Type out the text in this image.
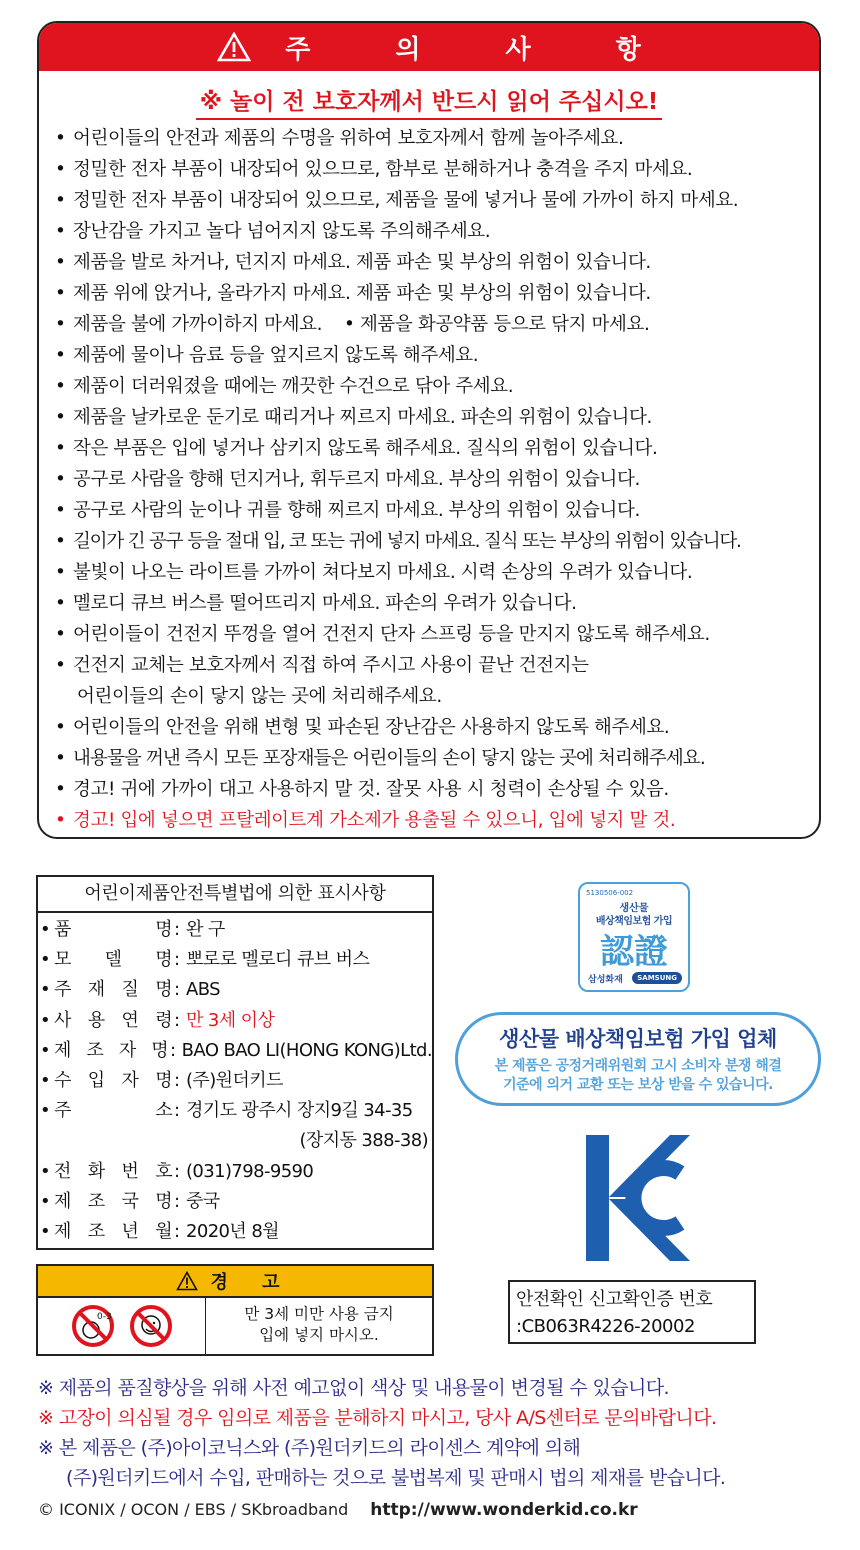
주 의 사 항
※ 놀이 전 보호자께서 반드시 읽어 주십시오!
• 어린이들의 안전과 제품의 수명을 위하여 보호자께서 함께 놀아주세요.
• 정밀한 전자 부품이 내장되어 있으므로, 함부로 분해하거나 충격을 주지 마세요.
• 정밀한 전자 부품이 내장되어 있으므로, 제품을 물에 넣거나 물에 가까이 하지 마세요.
• 장난감을 가지고 놀다 넘어지지 않도록 주의해주세요.
• 제품을 발로 차거나, 던지지 마세요. 제품 파손 및 부상의 위험이 있습니다.
• 제품 위에 앉거나, 올라가지 마세요. 제품 파손 및 부상의 위험이 있습니다.
• 제품을 불에 가까이하지 마세요.    • 제품을 화공약품 등으로 닦지 마세요.
• 제품에 물이나 음료 등을 엎지르지 않도록 해주세요.
• 제품이 더러워졌을 때에는 깨끗한 수건으로 닦아 주세요.
• 제품을 날카로운 둔기로 때리거나 찌르지 마세요. 파손의 위험이 있습니다.
• 작은 부품은 입에 넣거나 삼키지 않도록 해주세요. 질식의 위험이 있습니다.
• 공구로 사람을 향해 던지거나, 휘두르지 마세요. 부상의 위험이 있습니다.
• 공구로 사람의 눈이나 귀를 향해 찌르지 마세요. 부상의 위험이 있습니다.
• 길이가 긴 공구 등을 절대 입, 코 또는 귀에 넣지 마세요. 질식 또는 부상의 위험이 있습니다.
• 불빛이 나오는 라이트를 가까이 쳐다보지 마세요. 시력 손상의 우려가 있습니다.
• 멜로디 큐브 버스를 떨어뜨리지 마세요. 파손의 우려가 있습니다.
• 어린이들이 건전지 뚜껑을 열어 건전지 단자 스프링 등을 만지지 않도록 해주세요.
• 건전지 교체는 보호자께서 직접 하여 주시고 사용이 끝난 건전지는
어린이들의 손이 닿지 않는 곳에 처리해주세요.
• 어린이들의 안전을 위해 변형 및 파손된 장난감은 사용하지 않도록 해주세요.
• 내용물을 꺼낸 즉시 모든 포장재들은 어린이들의 손이 닿지 않는 곳에 처리해주세요.
• 경고! 귀에 가까이 대고 사용하지 말 것. 잘못 사용 시 청력이 손상될 수 있음.
• 경고! 입에 넣으면 프탈레이트계 가소제가 용출될 수 있으니, 입에 넣지 말 것.
어린이제품안전특별법에 의한 표시사항
• 품	명 : 완 구
• 모 델 명 : 뽀로로 멜로디 큐브 버스
• 주 재 질 명 : ABS
• 사 용 연 령 : 만 3세 이상
• 제 조 자 명 : BAO BAO LI(HONG KONG)Ltd.
• 수 입 자 명 : (주)원더키드
• 주	소 : 경기도 광주시 장지9길 34-35
(장지동 388-38)
• 전 화 번 호 : (031)798-9590
• 제 조 국 명 : 중국
• 제 조 년 월 : 2020년 8월
경 고
0-3	만 3세 미만 사용 금지
입에 넣지 마시오.
5130506-002
생산물
배상책임보험 가입
認證
삼성화재	SAMSUNG
생산물 배상책임보험 가입 업체
본 제품은 공정거래위원회 고시 소비자 분쟁 해결
기준에 의거 교환 또는 보상 받을 수 있습니다.
안전확인 신고확인증 번호
:CB063R4226-20002

※ 제품의 품질향상을 위해 사전 예고없이 색상 및 내용물이 변경될 수 있습니다.

※ 고장이 의심될 경우 임의로 제품을 분해하지 마시고, 당사 A/S센터로 문의바랍니다.

※ 본 제품은 (주)아이코닉스와 (주)원더키드의 라이센스 계약에 의해

(주)원더키드에서 수입, 판매하는 것으로 불법복제 및 판매시 법의 제재를 받습니다.

© ICONIX / OCON / EBS / SKbroadband http://www.wonderkid.co.kr
